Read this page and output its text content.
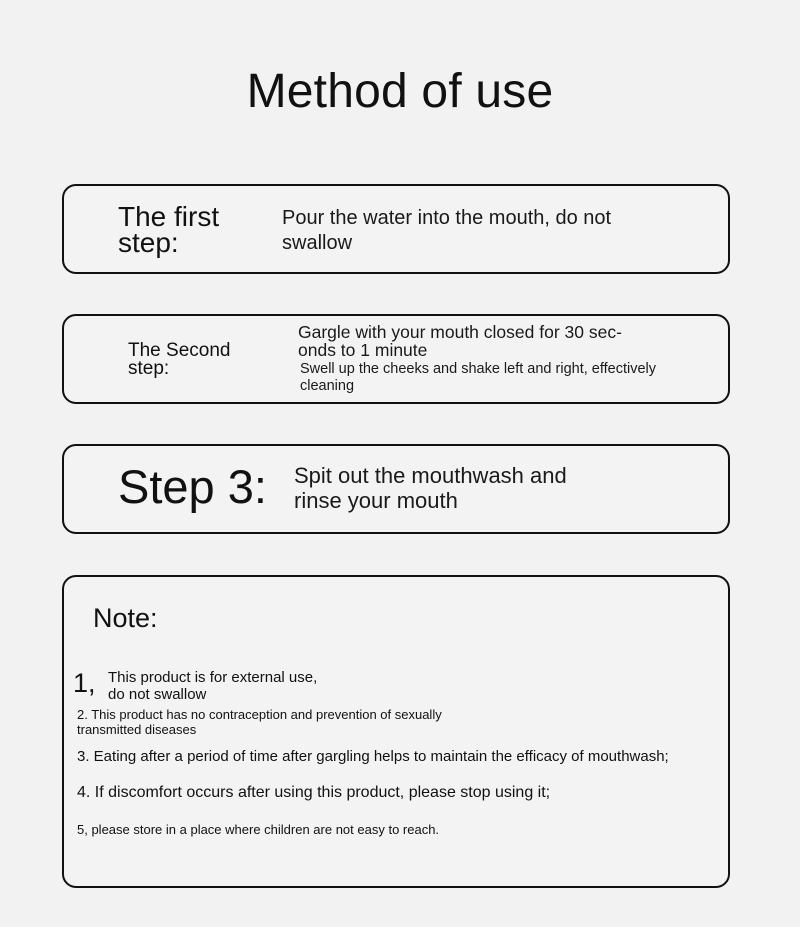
Method of use
The first step:
Pour the water into the mouth, do not swallow
The Second step:
Gargle with your mouth closed for 30 sec-onds to 1 minute
Swell up the cheeks and shake left and right, effectively cleaning
Step 3: Spit out the mouthwash and rinse your mouth
Note:
1, This product is for external use, do not swallow
2. This product has no contraception and prevention of sexually transmitted diseases
3. Eating after a period of time after gargling helps to maintain the efficacy of mouthwash;
4. If discomfort occurs after using this product, please stop using it;
5, please store in a place where children are not easy to reach.
